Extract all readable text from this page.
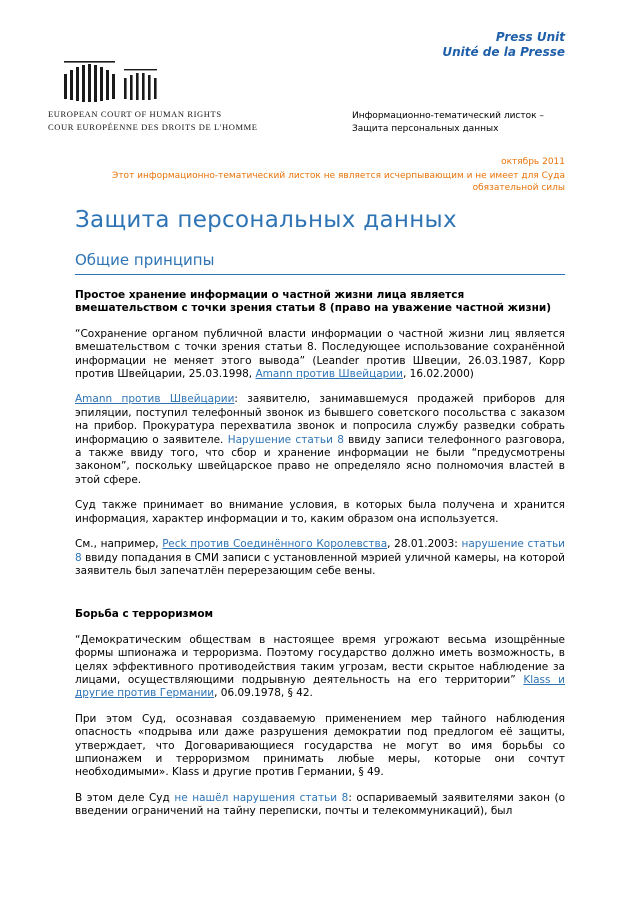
Press Unit
Unité de la Presse
EUROPEAN COURT OF HUMAN RIGHTS
COUR EUROPÉENNE DES DROITS DE L'HOMME
Информационно-тематический листок – Защита персональных данных
октябрь 2011
Этот информационно-тематический листок не является исчерпывающим и не имеет для Суда обязательной силы
Защита персональных данных
Общие принципы

Простое хранение информации о частной жизни лица является вмешательством с точки зрения статьи 8 (право на уважение частной жизни)

“Сохранение органом публичной власти информации о частной жизни лиц является вмешательством с точки зрения статьи 8. Последующее использование сохранённой информации не меняет этого вывода” (Leander против Швеции, 26.03.1987, Kopp против Швейцарии, 25.03.1998, Amann против Швейцарии, 16.02.2000)

Amann против Швейцарии: заявителю, занимавшемуся продажей приборов для эпиляции, поступил телефонный звонок из бывшего советского посольства с заказом на прибор. Прокуратура перехватила звонок и попросила службу разведки собрать информацию о заявителе. Нарушение статьи 8 ввиду записи телефонного разговора, а также ввиду того, что сбор и хранение информации не были “предусмотрены законом”, поскольку швейцарское право не определяло ясно полномочия властей в этой сфере.

Суд также принимает во внимание условия, в которых была получена и хранится информация, характер информации и то, каким образом она используется.

См., например, Peck против Соединённого Королевства, 28.01.2003: нарушение статьи 8 ввиду попадания в СМИ записи с установленной мэрией уличной камеры, на которой заявитель был запечатлён перерезающим себе вены.

Борьба с терроризмом

“Демократическим обществам в настоящее время угрожают весьма изощрённые формы шпионажа и терроризма. Поэтому государство должно иметь возможность, в целях эффективного противодействия таким угрозам, вести скрытое наблюдение за лицами, осуществляющими подрывную деятельность на его территории” Klass и другие против Германии, 06.09.1978, § 42.

При этом Суд, осознавая создаваемую применением мер тайного наблюдения опасность «подрыва или даже разрушения демократии под предлогом её защиты, утверждает, что Договаривающиеся государства не могут во имя борьбы со шпионажем и терроризмом принимать любые меры, которые они сочтут необходимыми». Klass и другие против Германии, § 49.

В этом деле Суд не нашёл нарушения статьи 8: оспариваемый заявителями закон (о введении ограничений на тайну переписки, почты и телекоммуникаций), был
